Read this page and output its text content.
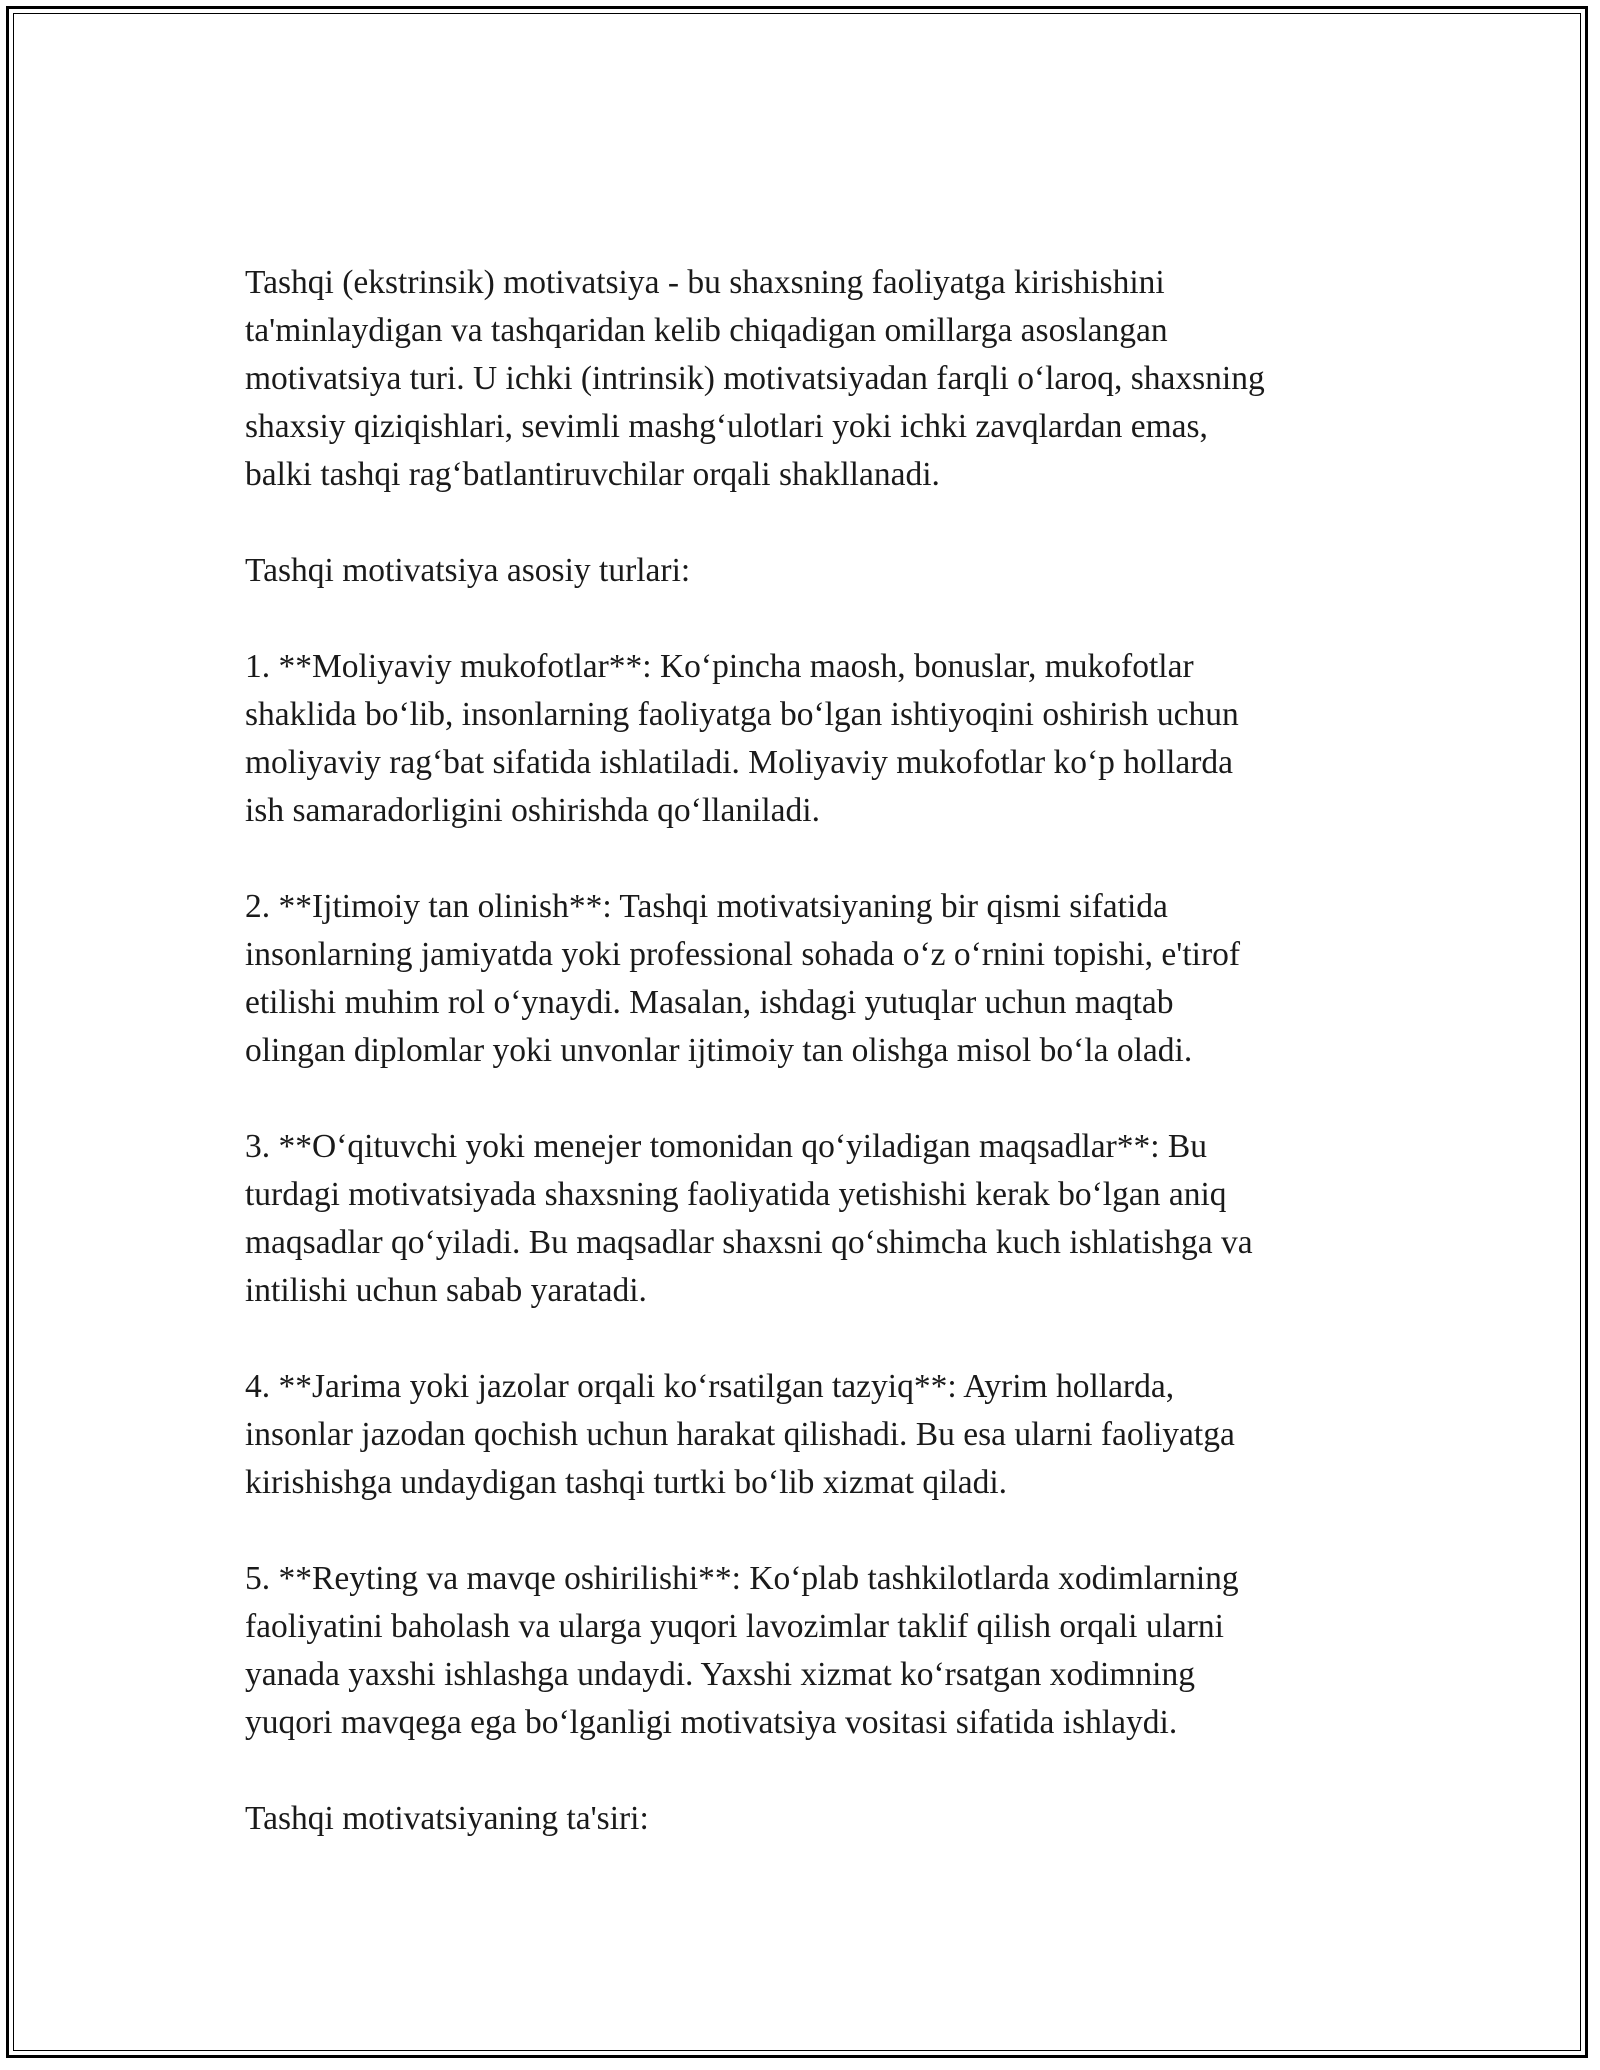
Tashqi (ekstrinsik) motivatsiya - bu shaxsning faoliyatga kirishishini
ta'minlaydigan va tashqaridan kelib chiqadigan omillarga asoslangan
motivatsiya turi. U ichki (intrinsik) motivatsiyadan farqli o‘laroq, shaxsning
shaxsiy qiziqishlari, sevimli mashg‘ulotlari yoki ichki zavqlardan emas,
balki tashqi rag‘batlantiruvchilar orqali shakllanadi.

Tashqi motivatsiya asosiy turlari:

1. **Moliyaviy mukofotlar**: Ko‘pincha maosh, bonuslar, mukofotlar
shaklida bo‘lib, insonlarning faoliyatga bo‘lgan ishtiyoqini oshirish uchun
moliyaviy rag‘bat sifatida ishlatiladi. Moliyaviy mukofotlar ko‘p hollarda
ish samaradorligini oshirishda qo‘llaniladi.

2. **Ijtimoiy tan olinish**: Tashqi motivatsiyaning bir qismi sifatida
insonlarning jamiyatda yoki professional sohada o‘z o‘rnini topishi, e'tirof
etilishi muhim rol o‘ynaydi. Masalan, ishdagi yutuqlar uchun maqtab
olingan diplomlar yoki unvonlar ijtimoiy tan olishga misol bo‘la oladi.

3. **O‘qituvchi yoki menejer tomonidan qo‘yiladigan maqsadlar**: Bu
turdagi motivatsiyada shaxsning faoliyatida yetishishi kerak bo‘lgan aniq
maqsadlar qo‘yiladi. Bu maqsadlar shaxsni qo‘shimcha kuch ishlatishga va
intilishi uchun sabab yaratadi.

4. **Jarima yoki jazolar orqali ko‘rsatilgan tazyiq**: Ayrim hollarda,
insonlar jazodan qochish uchun harakat qilishadi. Bu esa ularni faoliyatga
kirishishga undaydigan tashqi turtki bo‘lib xizmat qiladi.

5. **Reyting va mavqe oshirilishi**: Ko‘plab tashkilotlarda xodimlarning
faoliyatini baholash va ularga yuqori lavozimlar taklif qilish orqali ularni
yanada yaxshi ishlashga undaydi. Yaxshi xizmat ko‘rsatgan xodimning
yuqori mavqega ega bo‘lganligi motivatsiya vositasi sifatida ishlaydi.

Tashqi motivatsiyaning ta'siri:
